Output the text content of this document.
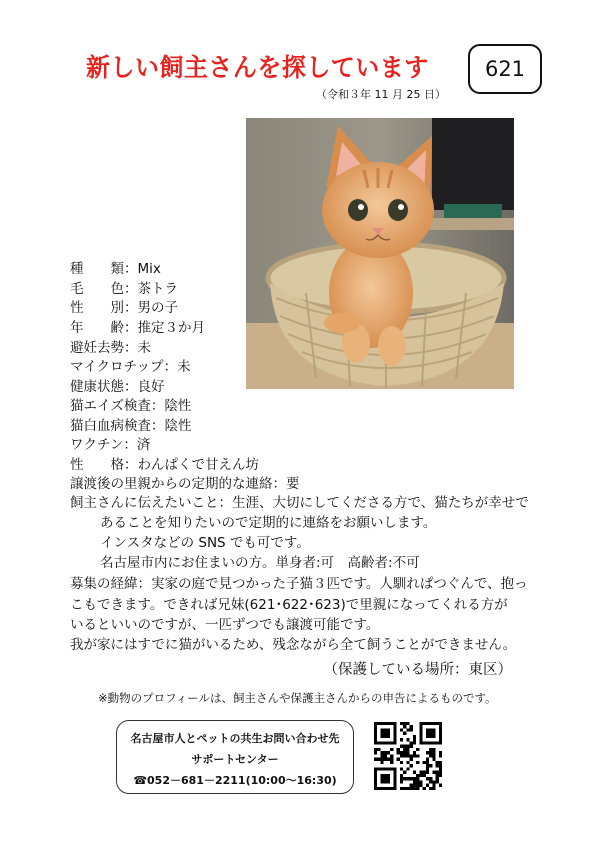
新しい飼主さんを探しています	621
（令和３年 11 月 25 日）
種　　類：Mix
毛　　色：茶トラ
性　　別：男の子
年　　齢：推定３か月
避妊去勢：未
マイクロチップ：未
健康状態：良好
猫エイズ検査：陰性
猫白血病検査：陰性
ワクチン：済
性　　格：わんぱくで甘えん坊
譲渡後の里親からの定期的な連絡：要
飼主さんに伝えたいこと：生涯、大切にしてくださる方で、猫たちが幸せで
あることを知りたいので定期的に連絡をお願いします。
インスタなどの SNS でも可です。
名古屋市内にお住まいの方。単身者:可　高齢者:不可
募集の経緯：実家の庭で見つかった子猫３匹です。人馴れぱつぐんで、抱っ
こもできます。できれば兄妹(621･622･623)で里親になってくれる方が
いるといいのですが、一匹ずつでも譲渡可能です。
我が家にはすでに猫がいるため、残念ながら全て飼うことができません。
（保護している場所：東区）
※動物のプロフィールは、飼主さんや保護主さんからの申告によるものです。
名古屋市人とペットの共生お問い合わせ先
サポートセンター
☎052－681－2211(10:00～16:30)
